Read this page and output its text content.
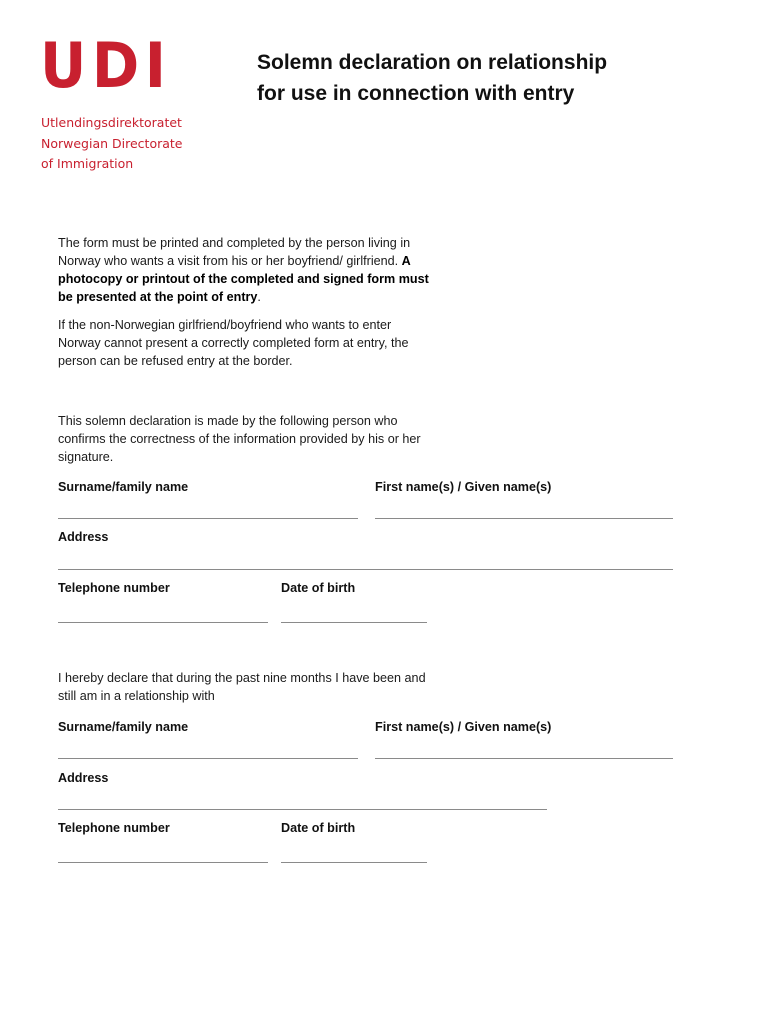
UDI
Utlendingsdirektoratet
Norwegian Directorate
of Immigration
Solemn declaration on relationship
for use in connection with entry
The form must be printed and completed by the person living in Norway who wants a visit from his or her boyfriend/ girlfriend. A photocopy or printout of the completed and signed form must be presented at the point of entry.
If the non-Norwegian girlfriend/boyfriend who wants to enter Norway cannot present a correctly completed form at entry, the person can be refused entry at the border.
This solemn declaration is made by the following person who confirms the correctness of the information provided by his or her signature.
Surname/family name	First name(s) / Given name(s)
Address
Telephone number	Date of birth
I hereby declare that during the past nine months I have been and still am in a relationship with
Surname/family name	First name(s) / Given name(s)
Address
Telephone number	Date of birth
